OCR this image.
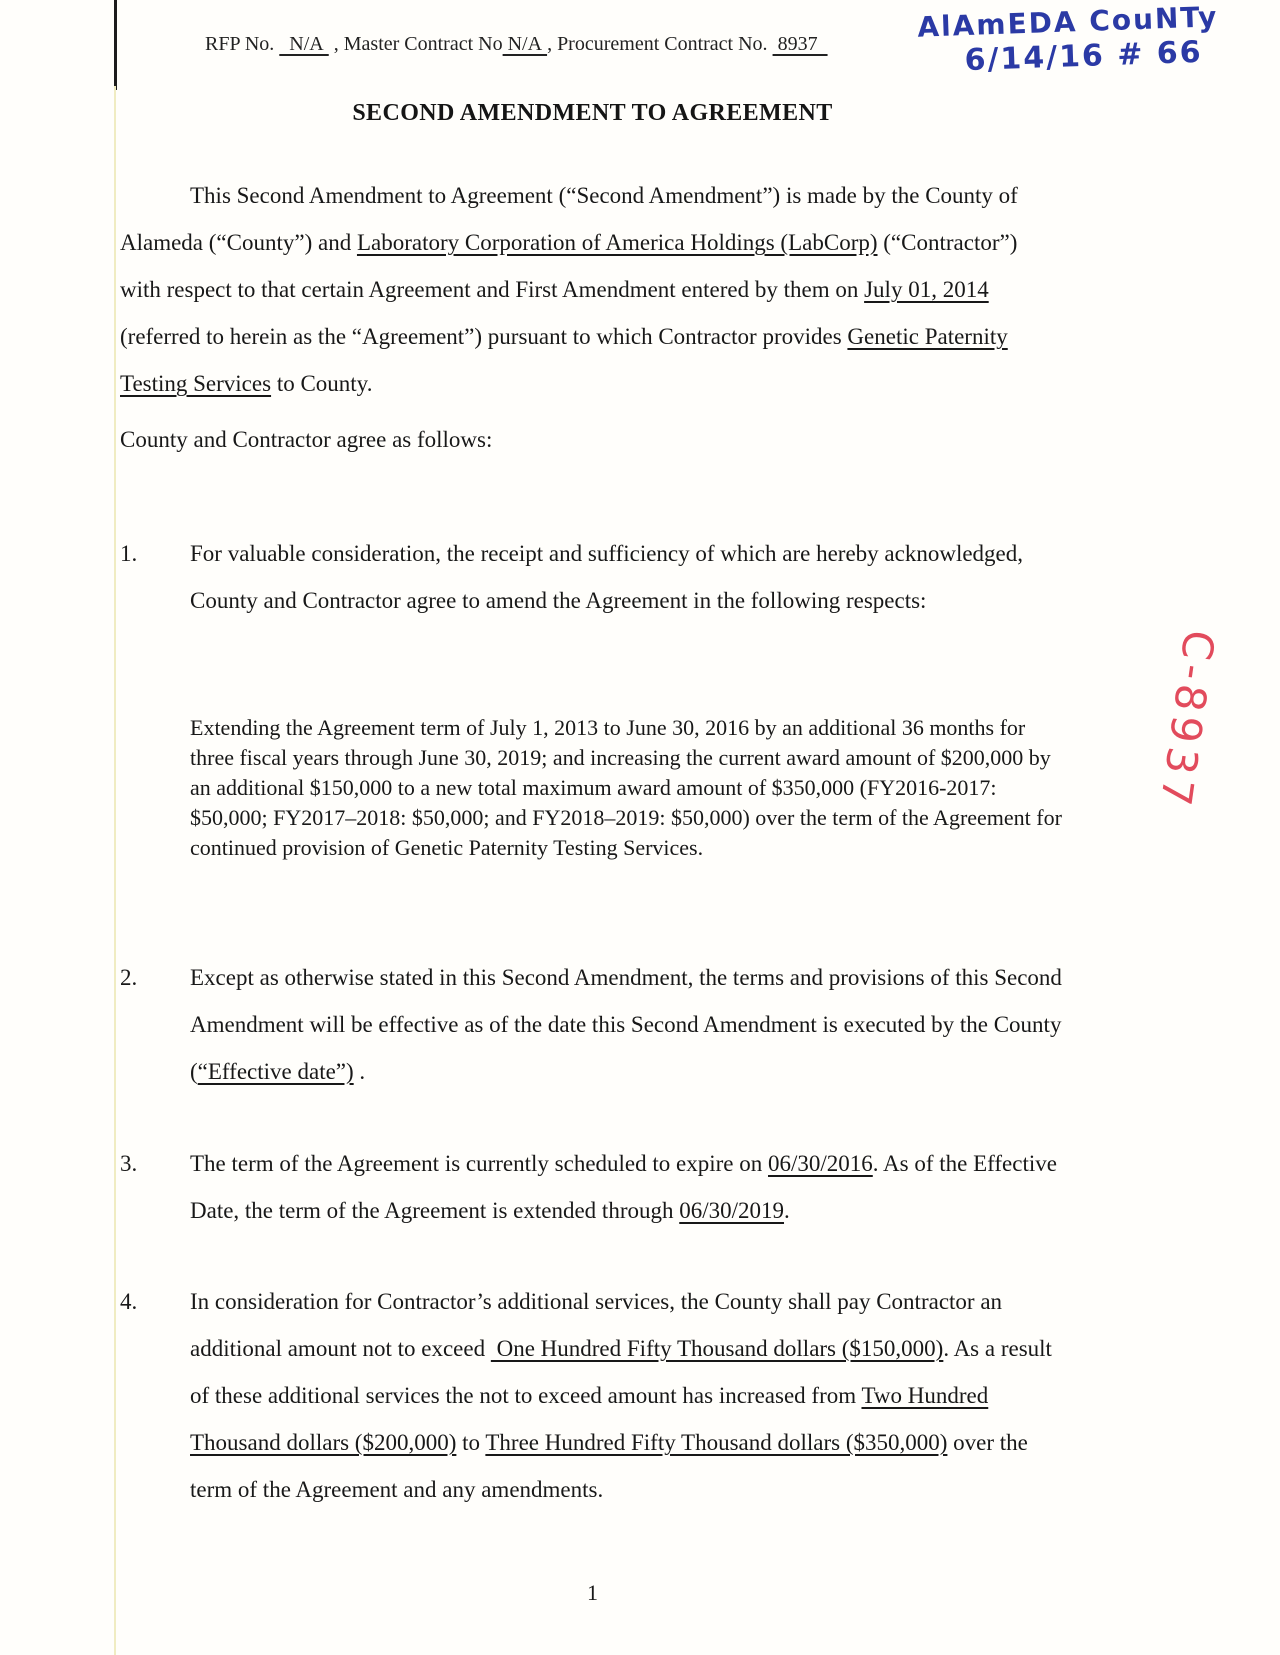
RFP No.   N/A  , Master Contract No N/A , Procurement Contract No.  8937
AlAmEDA CouNTy
6/14/16 # 66
C-8937
SECOND AMENDMENT TO AGREEMENT

This Second Amendment to Agreement (“Second Amendment”) is made by the County of Alameda (“County”) and Laboratory Corporation of America Holdings (LabCorp) (“Contractor”) with respect to that certain Agreement and First Amendment entered by them on July 01, 2014 (referred to herein as the “Agreement”) pursuant to which Contractor provides Genetic Paternity Testing Services to County.

County and Contractor agree as follows:
1. For valuable consideration, the receipt and sufficiency of which are hereby acknowledged, County and Contractor agree to amend the Agreement in the following respects:
Extending the Agreement term of July 1, 2013 to June 30, 2016 by an additional 36 months for three fiscal years through June 30, 2019; and increasing the current award amount of $200,000 by an additional $150,000 to a new total maximum award amount of $350,000 (FY2016-2017: $50,000; FY2017–2018: $50,000; and FY2018–2019: $50,000) over the term of the Agreement for continued provision of Genetic Paternity Testing Services.
2. Except as otherwise stated in this Second Amendment, the terms and provisions of this Second Amendment will be effective as of the date this Second Amendment is executed by the County (“Effective date”) .
3. The term of the Agreement is currently scheduled to expire on 06/30/2016. As of the Effective Date, the term of the Agreement is extended through 06/30/2019.
4. In consideration for Contractor’s additional services, the County shall pay Contractor an additional amount not to exceed  One Hundred Fifty Thousand dollars ($150,000). As a result of these additional services the not to exceed amount has increased from Two Hundred Thousand dollars ($200,000) to Three Hundred Fifty Thousand dollars ($350,000) over the term of the Agreement and any amendments.
1
